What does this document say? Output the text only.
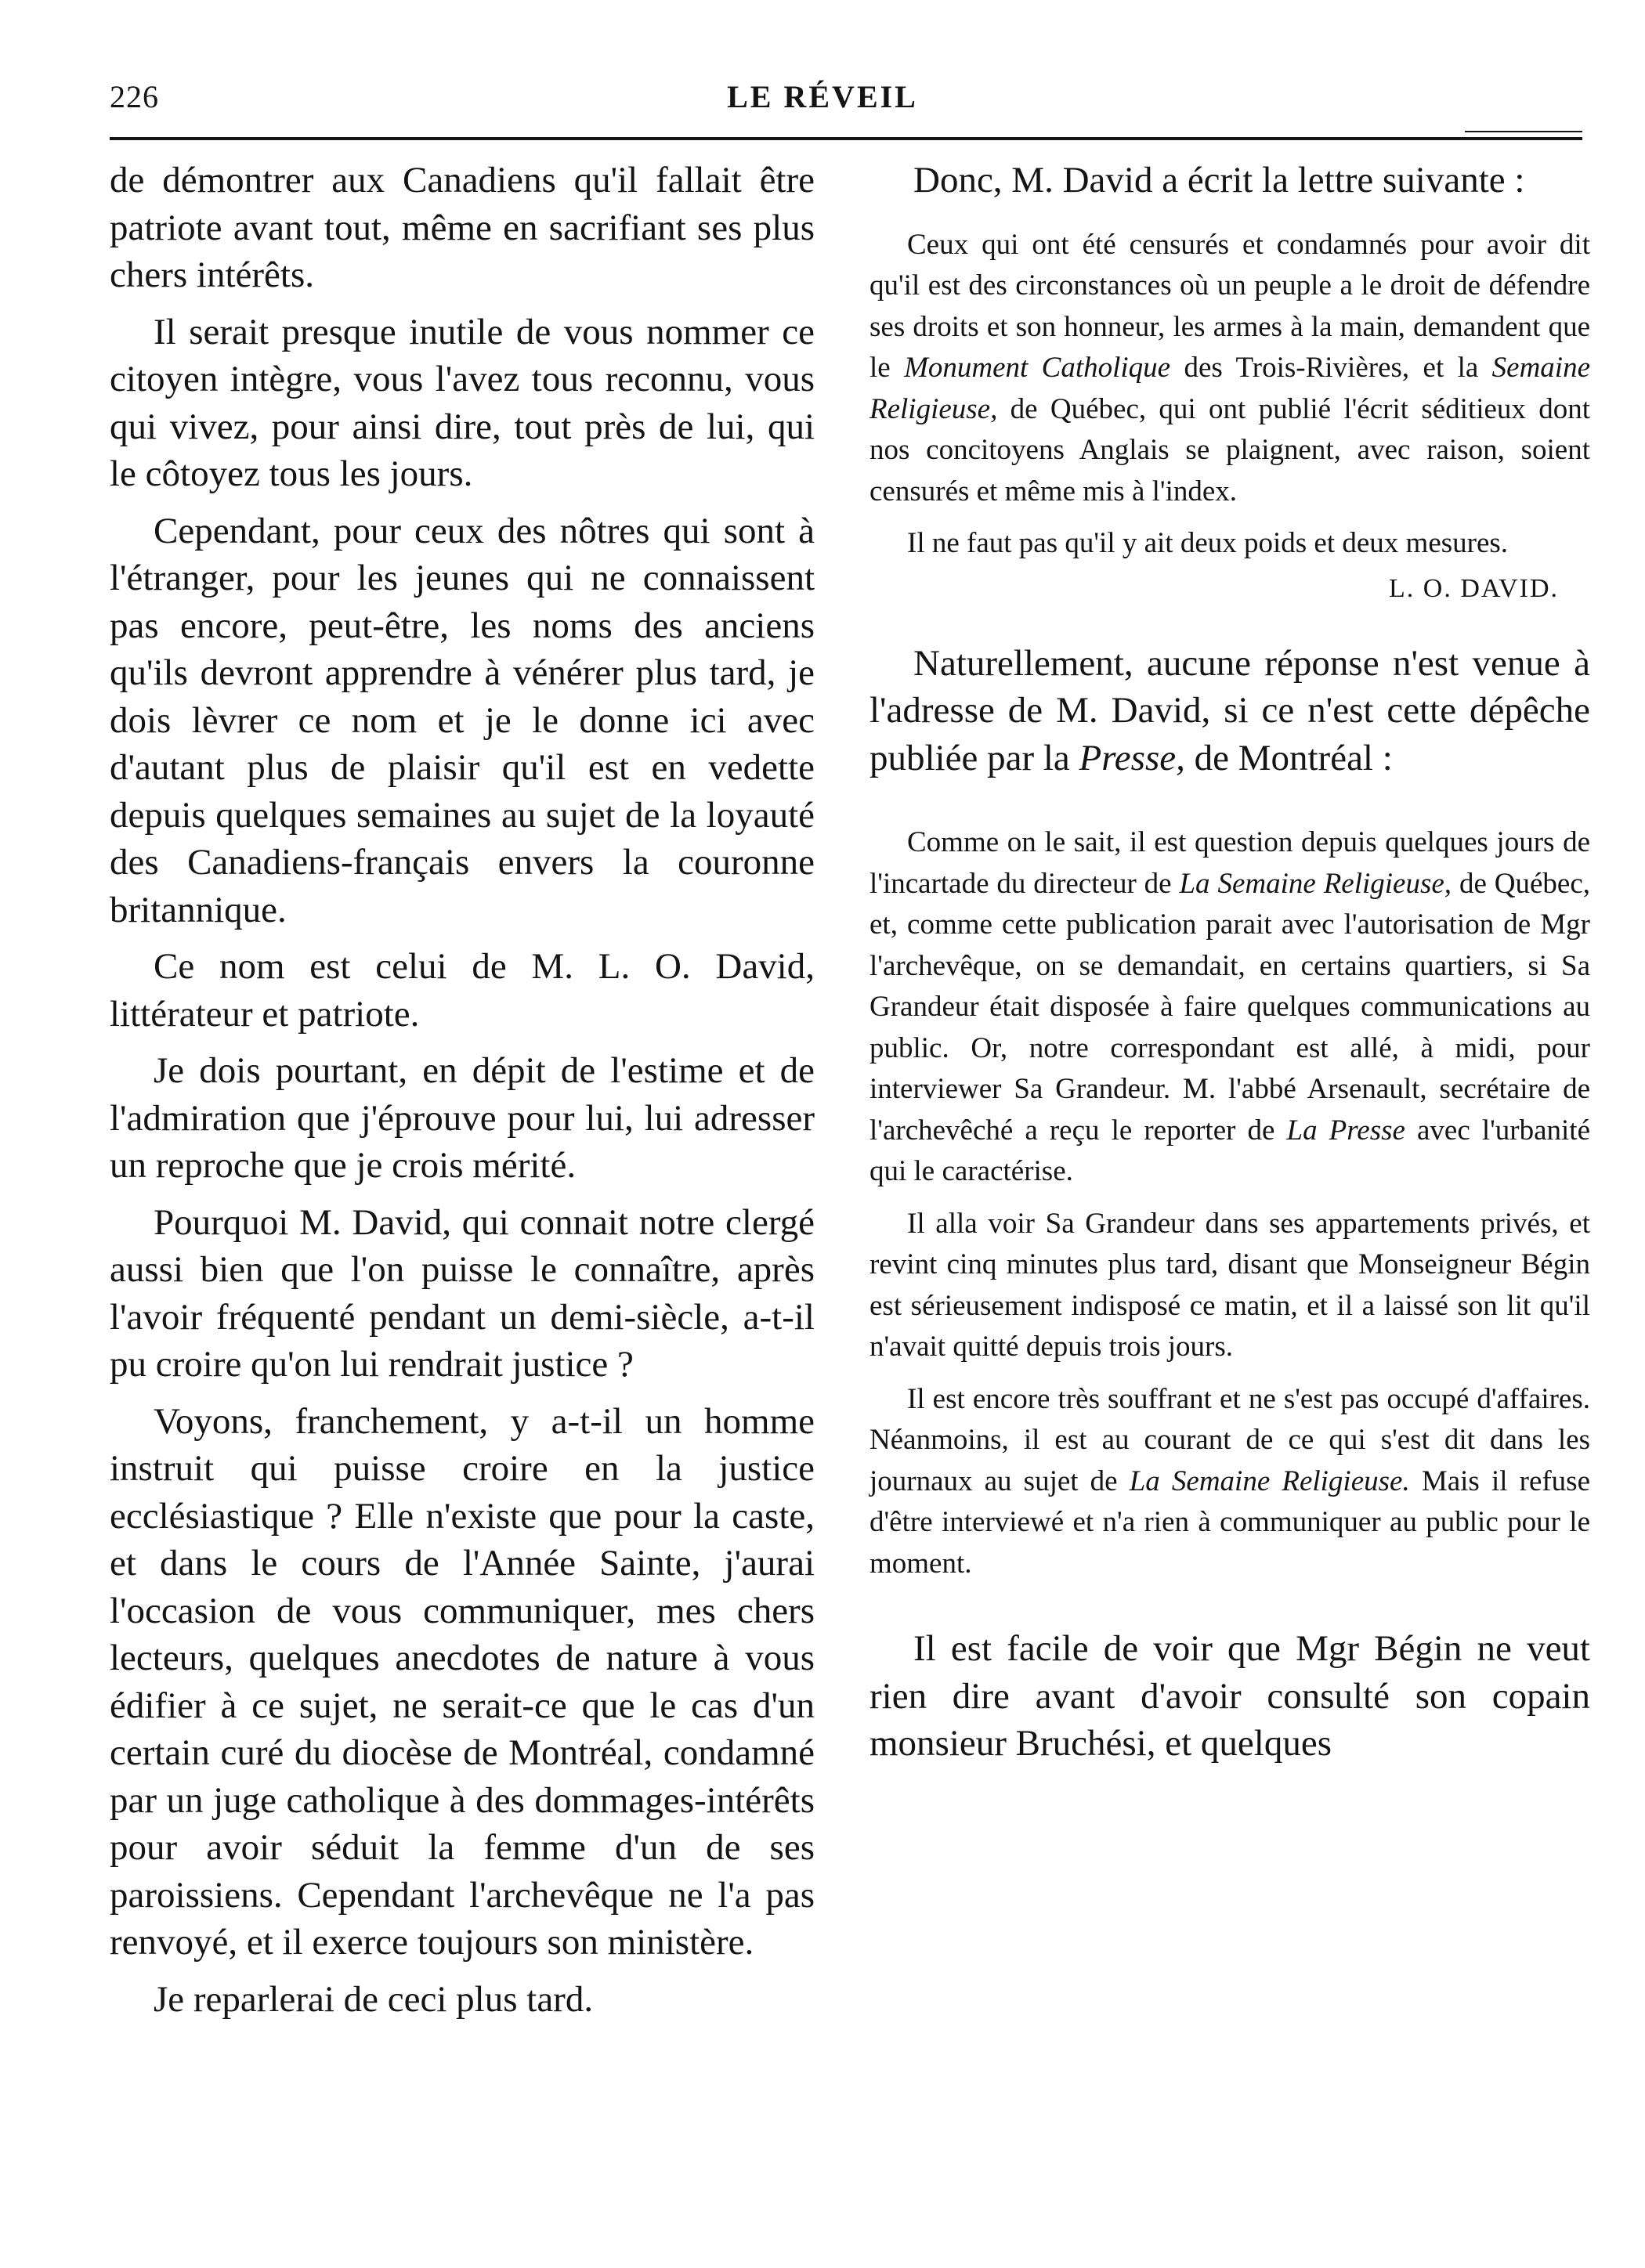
226	LE RÉVEIL

de démontrer aux Canadiens qu'il fallait être patriote avant tout, même en sacrifiant ses plus chers intérêts.

Il serait presque inutile de vous nommer ce citoyen intègre, vous l'avez tous reconnu, vous qui vivez, pour ainsi dire, tout près de lui, qui le côtoyez tous les jours.

Cependant, pour ceux des nôtres qui sont à l'étranger, pour les jeunes qui ne connaissent pas encore, peut-être, les noms des anciens qu'ils devront apprendre à vénérer plus tard, je dois lèvrer ce nom et je le donne ici avec d'autant plus de plaisir qu'il est en vedette depuis quelques semaines au sujet de la loyauté des Canadiens-français envers la couronne britannique.

Ce nom est celui de M. L. O. David, littérateur et patriote.

Je dois pourtant, en dépit de l'estime et de l'admiration que j'éprouve pour lui, lui adresser un reproche que je crois mérité.

Pourquoi M. David, qui connait notre clergé aussi bien que l'on puisse le connaître, après l'avoir fréquenté pendant un demi-siècle, a-t-il pu croire qu'on lui rendrait justice ?

Voyons, franchement, y a-t-il un homme instruit qui puisse croire en la justice ecclésiastique ? Elle n'existe que pour la caste, et dans le cours de l'Année Sainte, j'aurai l'occasion de vous communiquer, mes chers lecteurs, quelques anecdotes de nature à vous édifier à ce sujet, ne serait-ce que le cas d'un certain curé du diocèse de Montréal, condamné par un juge catholique à des dommages-intérêts pour avoir séduit la femme d'un de ses paroissiens. Cependant l'archevêque ne l'a pas renvoyé, et il exerce toujours son ministère.

Je reparlerai de ceci plus tard.

Donc, M. David a écrit la lettre suivante :

Ceux qui ont été censurés et condamnés pour avoir dit qu'il est des circonstances où un peuple a le droit de défendre ses droits et son honneur, les armes à la main, demandent que le Monument Catholique des Trois-Rivières, et la Semaine Religieuse, de Québec, qui ont publié l'écrit séditieux dont nos concitoyens Anglais se plaignent, avec raison, soient censurés et même mis à l'index.

Il ne faut pas qu'il y ait deux poids et deux mesures.

L. O. DAVID.

Naturellement, aucune réponse n'est venue à l'adresse de M. David, si ce n'est cette dépêche publiée par la Presse, de Montréal :

Comme on le sait, il est question depuis quelques jours de l'incartade du directeur de La Semaine Religieuse, de Québec, et, comme cette publication parait avec l'autorisation de Mgr l'archevêque, on se demandait, en certains quartiers, si Sa Grandeur était disposée à faire quelques communications au public. Or, notre correspondant est allé, à midi, pour interviewer Sa Grandeur. M. l'abbé Arsenault, secrétaire de l'archevêché a reçu le reporter de La Presse avec l'urbanité qui le caractérise.

Il alla voir Sa Grandeur dans ses appartements privés, et revint cinq minutes plus tard, disant que Monseigneur Bégin est sérieusement indisposé ce matin, et il a laissé son lit qu'il n'avait quitté depuis trois jours.

Il est encore très souffrant et ne s'est pas occupé d'affaires. Néanmoins, il est au courant de ce qui s'est dit dans les journaux au sujet de La Semaine Religieuse. Mais il refuse d'être interviewé et n'a rien à communiquer au public pour le moment.

Il est facile de voir que Mgr Bégin ne veut rien dire avant d'avoir consulté son copain monsieur Bruchési, et quelques
